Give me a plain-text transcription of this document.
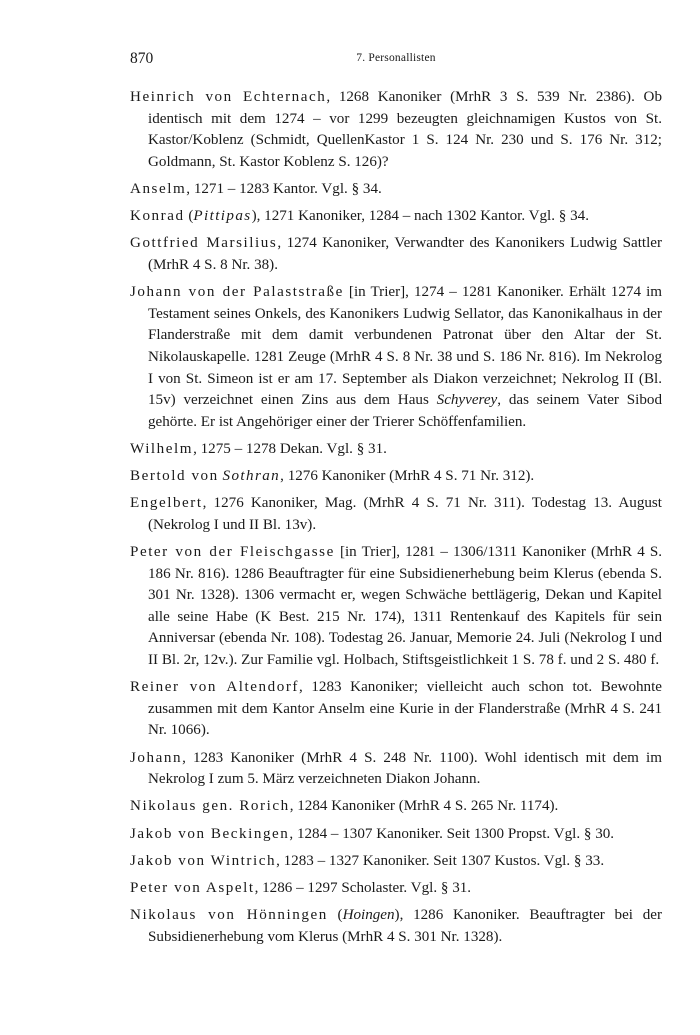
870	7. Personallisten

Heinrich von Echternach, 1268 Kanoniker (MrhR 3 S. 539 Nr. 2386). Ob identisch mit dem 1274 – vor 1299 bezeugten gleichnamigen Kustos von St. Kastor/Koblenz (Schmidt, QuellenKastor 1 S. 124 Nr. 230 und S. 176 Nr. 312; Goldmann, St. Kastor Koblenz S. 126)?

Anselm, 1271 – 1283 Kantor. Vgl. § 34.

Konrad (Pittipas), 1271 Kanoniker, 1284 – nach 1302 Kantor. Vgl. § 34.

Gottfried Marsilius, 1274 Kanoniker, Verwandter des Kanonikers Ludwig Sattler (MrhR 4 S. 8 Nr. 38).

Johann von der Palaststraße [in Trier], 1274 – 1281 Kanoniker. Erhält 1274 im Testament seines Onkels, des Kanonikers Ludwig Sellator, das Kanonikalhaus in der Flanderstraße mit dem damit verbundenen Patronat über den Altar der St. Nikolauskapelle. 1281 Zeuge (MrhR 4 S. 8 Nr. 38 und S. 186 Nr. 816). Im Nekrolog I von St. Simeon ist er am 17. September als Diakon verzeichnet; Nekrolog II (Bl. 15v) verzeichnet einen Zins aus dem Haus Schyverey, das seinem Vater Sibod gehörte. Er ist Angehöriger einer der Trierer Schöffenfamilien.

Wilhelm, 1275 – 1278 Dekan. Vgl. § 31.

Bertold von Sothran, 1276 Kanoniker (MrhR 4 S. 71 Nr. 312).

Engelbert, 1276 Kanoniker, Mag. (MrhR 4 S. 71 Nr. 311). Todestag 13. August (Nekrolog I und II Bl. 13v).

Peter von der Fleischgasse [in Trier], 1281 – 1306/1311 Kanoniker (MrhR 4 S. 186 Nr. 816). 1286 Beauftragter für eine Subsidienerhebung beim Klerus (ebenda S. 301 Nr. 1328). 1306 vermacht er, wegen Schwäche bettlägerig, Dekan und Kapitel alle seine Habe (K Best. 215 Nr. 174), 1311 Rentenkauf des Kapitels für sein Anniversar (ebenda Nr. 108). Todestag 26. Januar, Memorie 24. Juli (Nekrolog I und II Bl. 2r, 12v.). Zur Familie vgl. Holbach, Stiftsgeistlichkeit 1 S. 78 f. und 2 S. 480 f.

Reiner von Altendorf, 1283 Kanoniker; vielleicht auch schon tot. Bewohnte zusammen mit dem Kantor Anselm eine Kurie in der Flanderstraße (MrhR 4 S. 241 Nr. 1066).

Johann, 1283 Kanoniker (MrhR 4 S. 248 Nr. 1100). Wohl identisch mit dem im Nekrolog I zum 5. März verzeichneten Diakon Johann.

Nikolaus gen. Rorich, 1284 Kanoniker (MrhR 4 S. 265 Nr. 1174).

Jakob von Beckingen, 1284 – 1307 Kanoniker. Seit 1300 Propst. Vgl. § 30.

Jakob von Wintrich, 1283 – 1327 Kanoniker. Seit 1307 Kustos. Vgl. § 33.

Peter von Aspelt, 1286 – 1297 Scholaster. Vgl. § 31.

Nikolaus von Hönningen (Hoingen), 1286 Kanoniker. Beauftragter bei der Subsidienerhebung vom Klerus (MrhR 4 S. 301 Nr. 1328).
